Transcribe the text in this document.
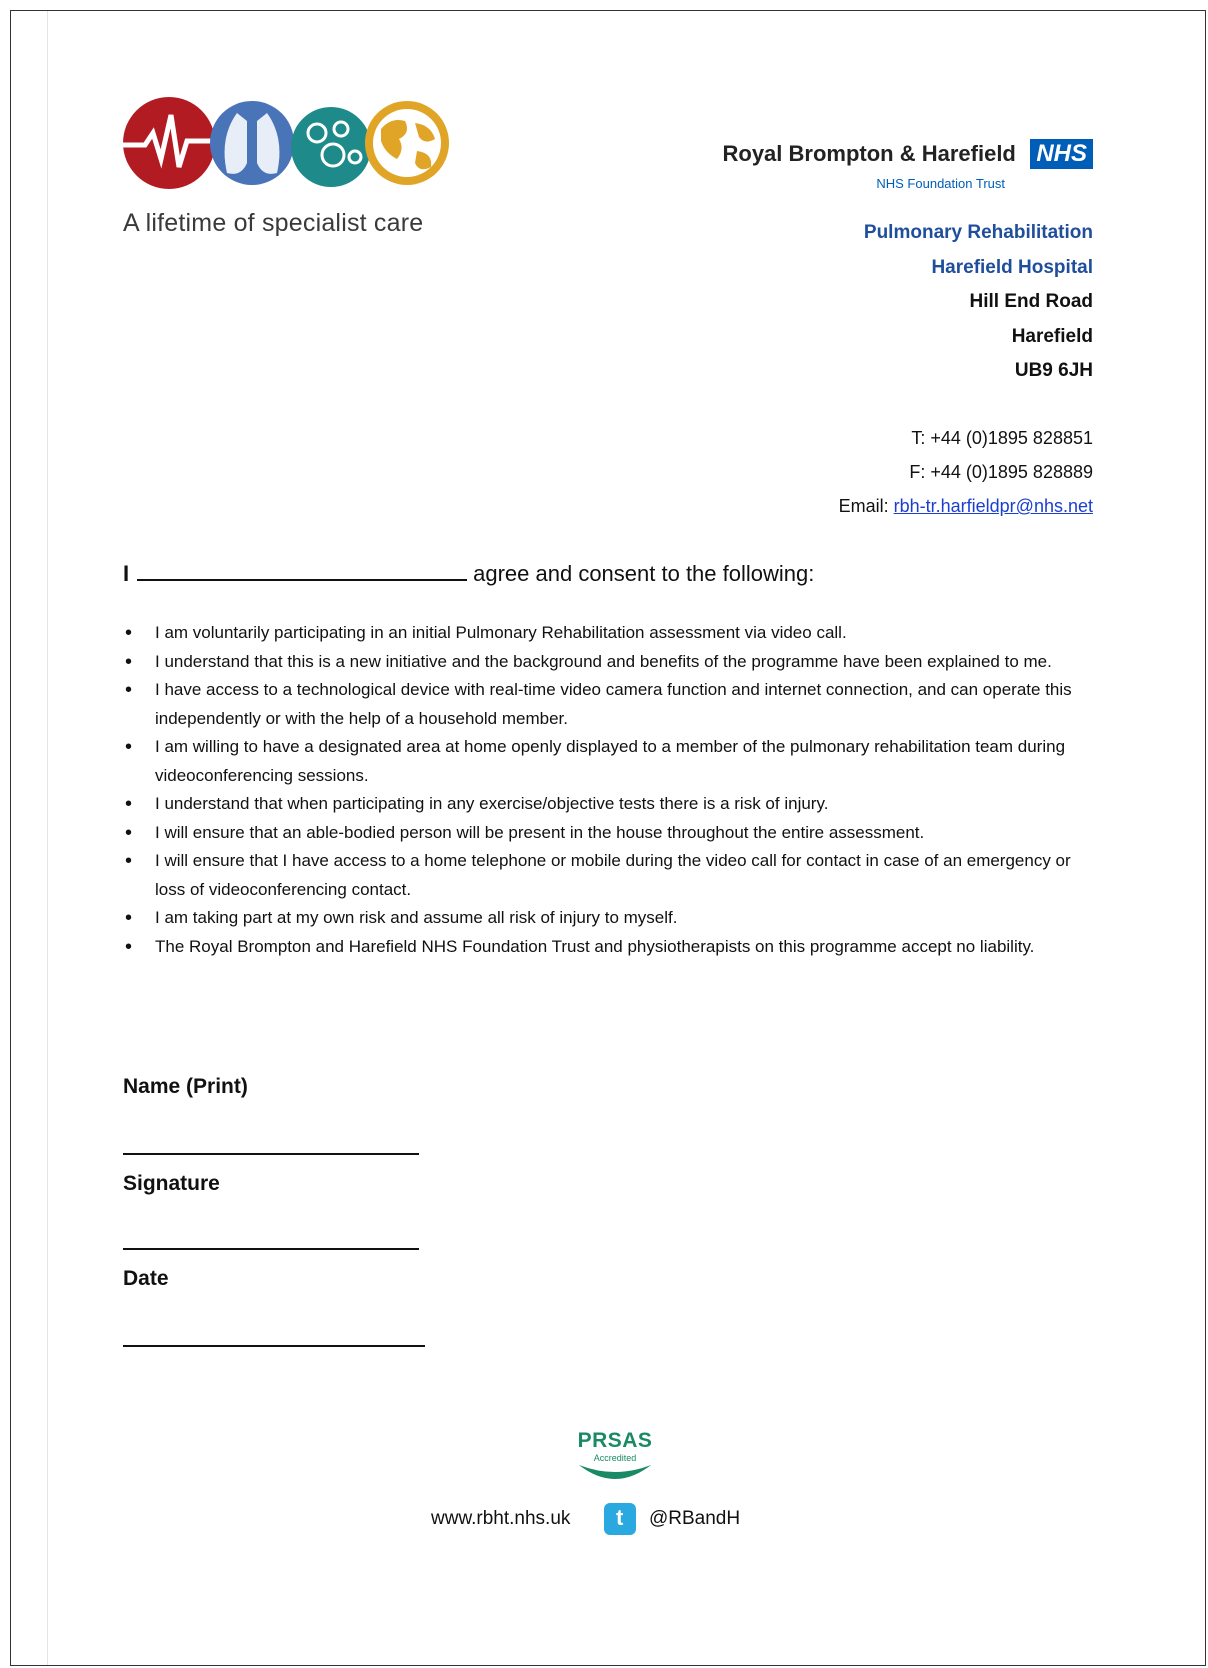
A lifetime of specialist care
Royal Brompton & Harefield NHS
NHS Foundation Trust
Pulmonary Rehabilitation
Harefield Hospital
Hill End Road
Harefield
UB9 6JH
T: +44 (0)1895 828851
F: +44 (0)1895 828889
Email: rbh-tr.harfieldpr@nhs.net
I	agree and consent to the following:
• I am voluntarily participating in an initial Pulmonary Rehabilitation assessment via video call.
• I understand that this is a new initiative and the background and benefits of the programme have been explained to me.
• I have access to a technological device with real-time video camera function and internet connection, and can operate this independently or with the help of a household member.
• I am willing to have a designated area at home openly displayed to a member of the pulmonary rehabilitation team during videoconferencing sessions.
• I understand that when participating in any exercise/objective tests there is a risk of injury.
• I will ensure that an able-bodied person will be present in the house throughout the entire assessment.
• I will ensure that I have access to a home telephone or mobile during the video call for contact in case of an emergency or loss of videoconferencing contact.
• I am taking part at my own risk and assume all risk of injury to myself.
• The Royal Brompton and Harefield NHS Foundation Trust and physiotherapists on this programme accept no liability.
Name (Print)
Signature
Date
PRSAS
Accredited
www.rbht.nhs.uk	t	@RBandH
